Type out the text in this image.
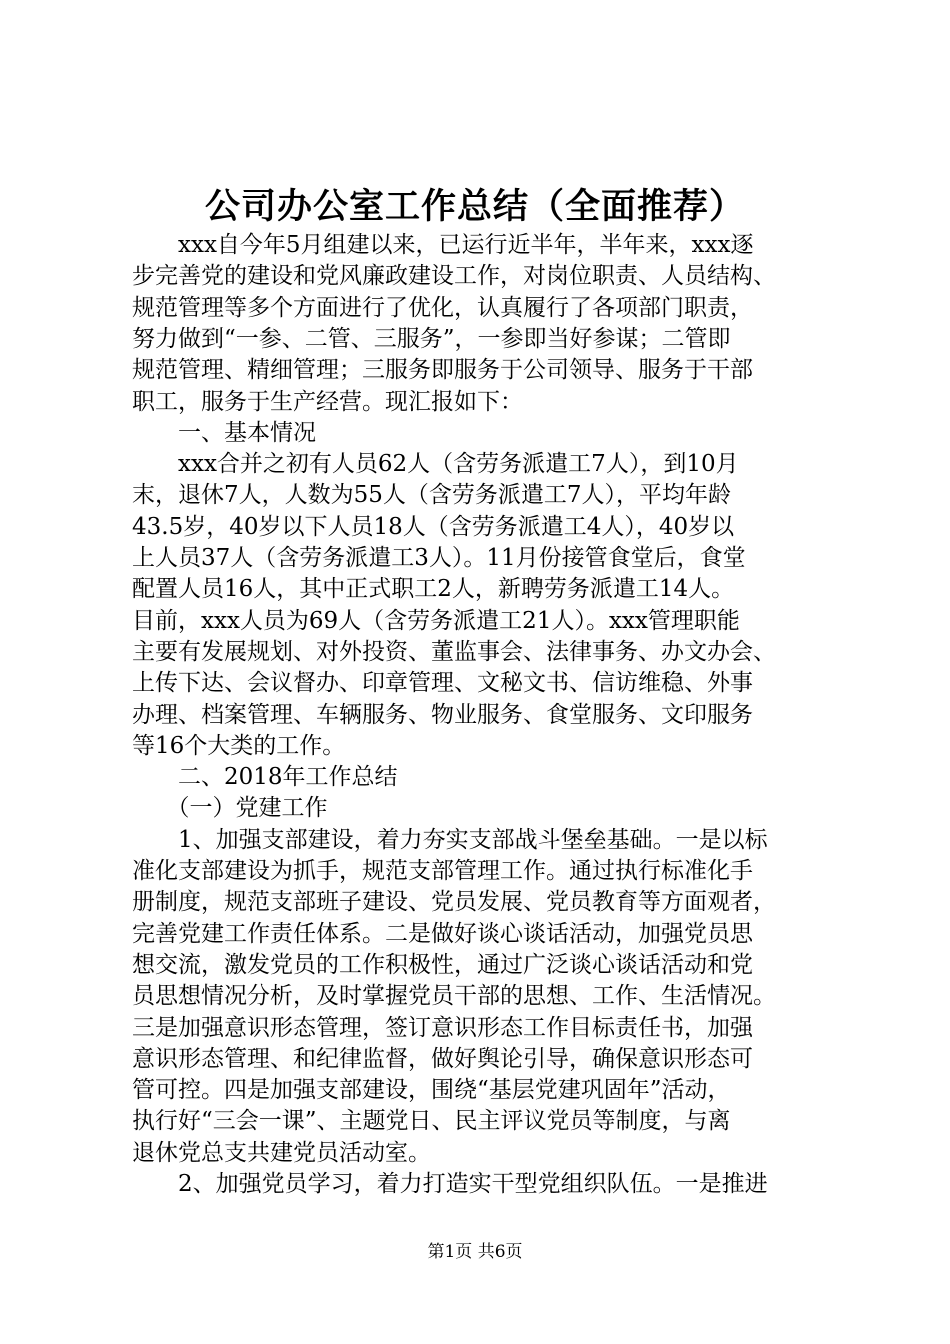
公司办公室工作总结（全面推荐）
　　xxx自今年5月组建以来，已运行近半年，半年来，xxx逐
步完善党的建设和党风廉政建设工作，对岗位职责、人员结构、
规范管理等多个方面进行了优化，认真履行了各项部门职责，
努力做到“一参、二管、三服务”，一参即当好参谋；二管即
规范管理、精细管理；三服务即服务于公司领导、服务于干部
职工，服务于生产经营。现汇报如下：
　　一、基本情况
　　xxx合并之初有人员62人（含劳务派遣工7人），到10月
末，退休7人，人数为55人（含劳务派遣工7人），平均年龄
43.5岁，40岁以下人员18人（含劳务派遣工4人），40岁以
上人员37人（含劳务派遣工3人）。11月份接管食堂后，食堂
配置人员16人，其中正式职工2人，新聘劳务派遣工14人。
目前，xxx人员为69人（含劳务派遣工21人）。xxx管理职能
主要有发展规划、对外投资、董监事会、法律事务、办文办会、
上传下达、会议督办、印章管理、文秘文书、信访维稳、外事
办理、档案管理、车辆服务、物业服务、食堂服务、文印服务
等16个大类的工作。
　　二、2018年工作总结
　　（一）党建工作
　　1、加强支部建设，着力夯实支部战斗堡垒基础。一是以标
准化支部建设为抓手，规范支部管理工作。通过执行标准化手
册制度，规范支部班子建设、党员发展、党员教育等方面观者，
完善党建工作责任体系。二是做好谈心谈话活动，加强党员思
想交流，激发党员的工作积极性，通过广泛谈心谈话活动和党
员思想情况分析，及时掌握党员干部的思想、工作、生活情况。
三是加强意识形态管理，签订意识形态工作目标责任书，加强
意识形态管理、和纪律监督，做好舆论引导，确保意识形态可
管可控。四是加强支部建设，围绕“基层党建巩固年”活动，
执行好“三会一课”、主题党日、民主评议党员等制度，与离
退休党总支共建党员活动室。
　　2、加强党员学习，着力打造实干型党组织队伍。一是推进
第1页 共6页
